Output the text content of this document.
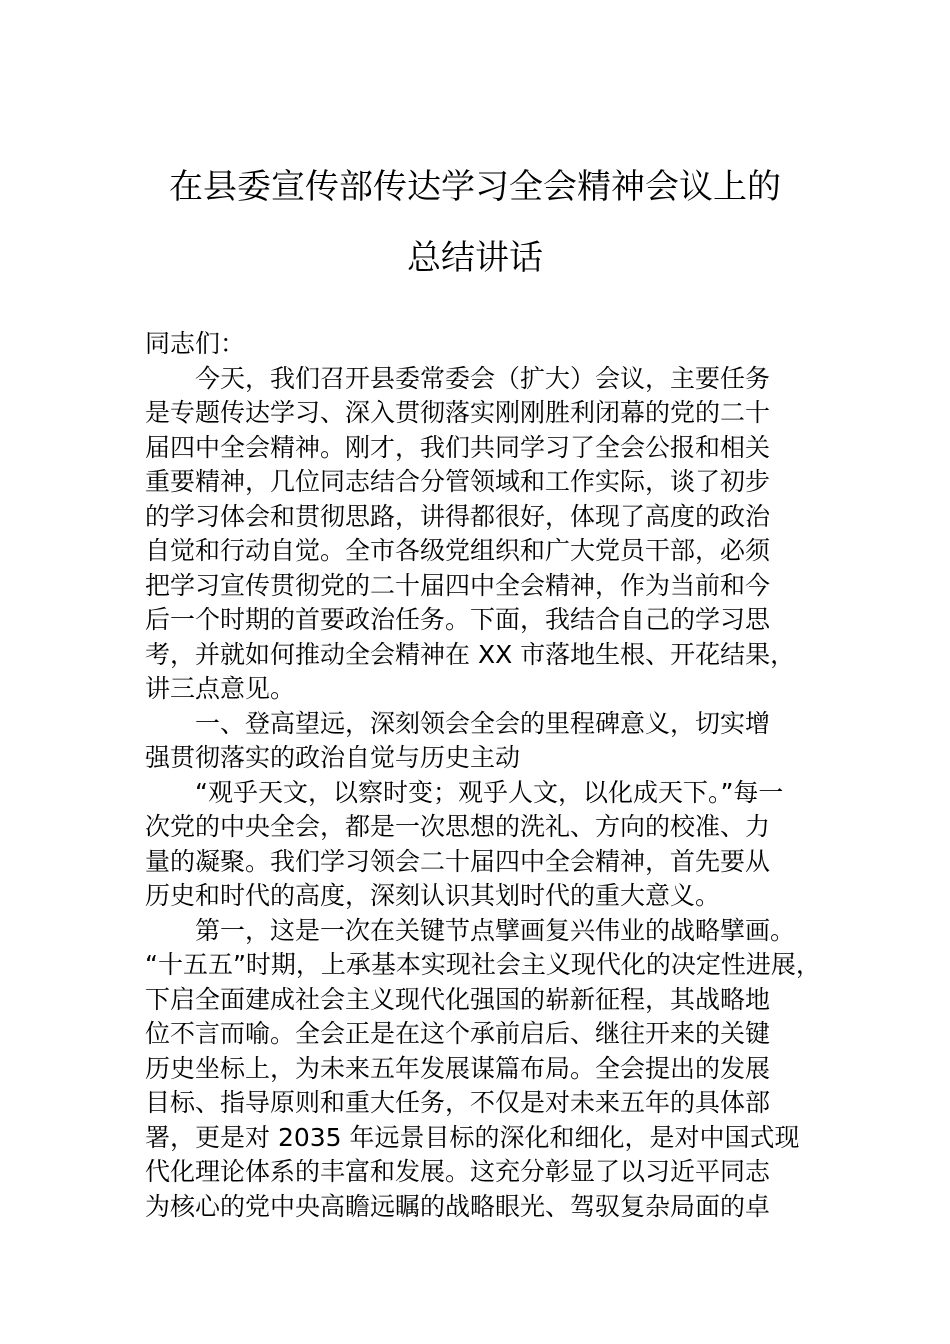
在县委宣传部传达学习全会精神会议上的
总结讲话
同志们：
今天，我们召开县委常委会（扩大）会议，主要任务
是专题传达学习、深入贯彻落实刚刚胜利闭幕的党的二十
届四中全会精神。刚才，我们共同学习了全会公报和相关
重要精神，几位同志结合分管领域和工作实际，谈了初步
的学习体会和贯彻思路，讲得都很好，体现了高度的政治
自觉和行动自觉。全市各级党组织和广大党员干部，必须
把学习宣传贯彻党的二十届四中全会精神，作为当前和今
后一个时期的首要政治任务。下面，我结合自己的学习思
考，并就如何推动全会精神在 XX 市落地生根、开花结果，
讲三点意见。
一、登高望远，深刻领会全会的里程碑意义，切实增
强贯彻落实的政治自觉与历史主动
“观乎天文，以察时变；观乎人文，以化成天下。”每一
次党的中央全会，都是一次思想的洗礼、方向的校准、力
量的凝聚。我们学习领会二十届四中全会精神，首先要从
历史和时代的高度，深刻认识其划时代的重大意义。
第一，这是一次在关键节点擘画复兴伟业的战略擘画。
“十五五”时期，上承基本实现社会主义现代化的决定性进展，
下启全面建成社会主义现代化强国的崭新征程，其战略地
位不言而喻。全会正是在这个承前启后、继往开来的关键
历史坐标上，为未来五年发展谋篇布局。全会提出的发展
目标、指导原则和重大任务，不仅是对未来五年的具体部
署，更是对 2035 年远景目标的深化和细化，是对中国式现
代化理论体系的丰富和发展。这充分彰显了以习近平同志
为核心的党中央高瞻远瞩的战略眼光、驾驭复杂局面的卓
